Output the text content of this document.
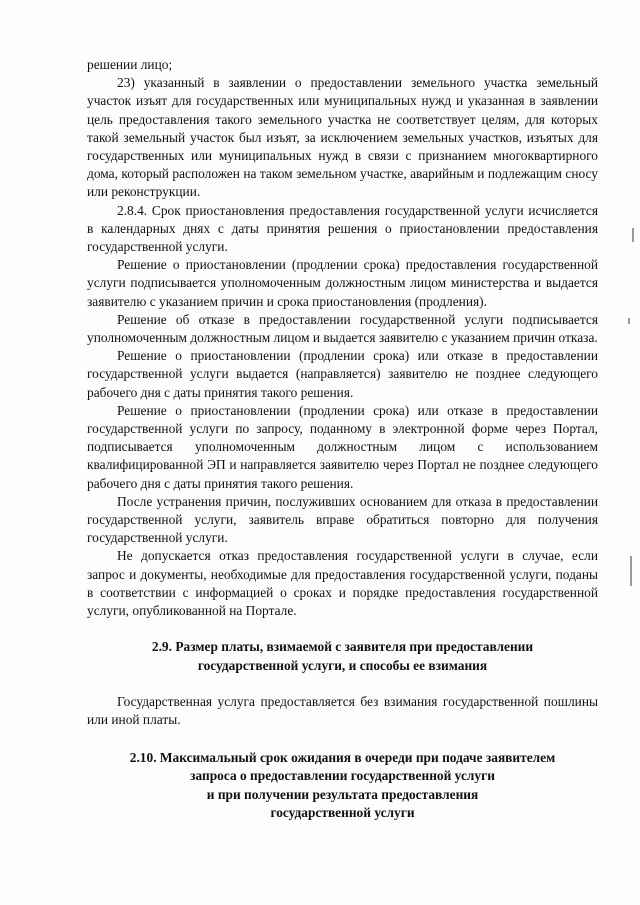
решении лицо;

23) указанный в заявлении о предоставлении земельного участка земельный участок изъят для государственных или муниципальных нужд и указанная в заявлении цель предоставления такого земельного участка не соответствует целям, для которых такой земельный участок был изъят, за исключением земельных участков, изъятых для государственных или муниципальных нужд в связи с признанием многоквартирного дома, который расположен на таком земельном участке, аварийным и подлежащим сносу или реконструкции.

2.8.4. Срок приостановления предоставления государственной услуги исчисляется в календарных днях с даты принятия решения о приостановлении предоставления государственной услуги.

Решение о приостановлении (продлении срока) предоставления государственной услуги подписывается уполномоченным должностным лицом министерства и выдается заявителю с указанием причин и срока приостановления (продления).

Решение об отказе в предоставлении государственной услуги подписывается уполномоченным должностным лицом и выдается заявителю с указанием причин отказа.

Решение о приостановлении (продлении срока) или отказе в предоставлении государственной услуги выдается (направляется) заявителю не позднее следующего рабочего дня с даты принятия такого решения.

Решение о приостановлении (продлении срока) или отказе в предоставлении государственной услуги по запросу, поданному в электронной форме через Портал, подписывается уполномоченным должностным лицом с использованием квалифицированной ЭП и направляется заявителю через Портал не позднее следующего рабочего дня с даты принятия такого решения.

После устранения причин, послуживших основанием для отказа в предоставлении государственной услуги, заявитель вправе обратиться повторно для получения государственной услуги.

Не допускается отказ предоставления государственной услуги в случае, если запрос и документы, необходимые для предоставления государственной услуги, поданы в соответствии с информацией о сроках и порядке предоставления государственной услуги, опубликованной на Портале.

2.9. Размер платы, взимаемой с заявителя при предоставлении
государственной услуги, и способы ее взимания

Государственная услуга предоставляется без взимания государственной пошлины или иной платы.

2.10. Максимальный срок ожидания в очереди при подаче заявителем
запроса о предоставлении государственной услуги
и при получении результата предоставления
государственной услуги
